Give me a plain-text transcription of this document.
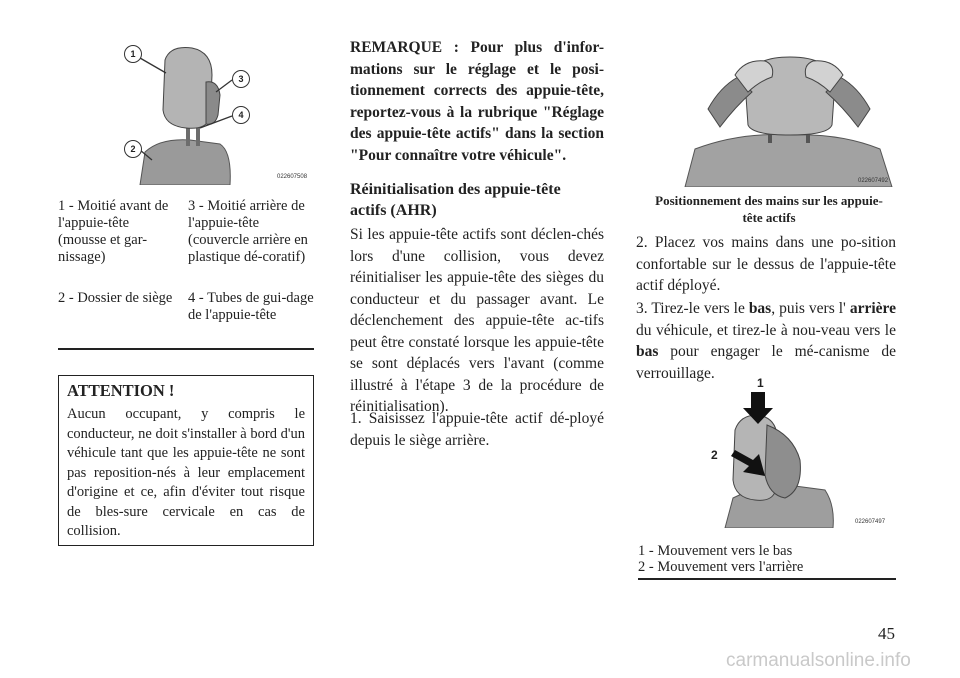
1
3
4
2
022607508
1 - Moitié avant de l'appuie-tête (mousse et gar-nissage)
3 - Moitié arrière de l'appuie-tête (couvercle arrière en plastique dé-coratif)
2 - Dossier de siège	4 - Tubes de gui-dage de l'appuie-tête
ATTENTION !
Aucun occupant, y compris le conducteur, ne doit s'installer à bord d'un véhicule tant que les appuie-tête ne sont pas reposition-nés à leur emplacement d'origine et ce, afin d'éviter tout risque de bles-sure cervicale en cas de collision.
REMARQUE : Pour plus d'infor-mations sur le réglage et le posi-tionnement corrects des appuie-tête, reportez-vous à la rubrique "Réglage des appuie-tête actifs" dans la section "Pour connaître votre véhicule".
Réinitialisation des appuie-tête actifs (AHR)
Si les appuie-tête actifs sont déclen-chés lors d'une collision, vous devez réinitialiser les appuie-tête des sièges du conducteur et du passager avant. Le déclenchement des appuie-tête ac-tifs peut être constaté lorsque les appuie-tête se sont déplacés vers l'avant (comme illustré à l'étape 3 de la procédure de réinitialisation).
1. Saisissez l'appuie-tête actif dé-ployé depuis le siège arrière.
022607492
Positionnement des mains sur les appuie-tête actifs
2. Placez vos mains dans une po-sition confortable sur le dessus de l'appuie-tête actif déployé.
3. Tirez-le vers le bas, puis vers l' arrière du véhicule, et tirez-le à nou-veau vers le bas pour engager le mé-canisme de verrouillage.
1
2
022607497
1 - Mouvement vers le bas
2 - Mouvement vers l'arrière
45
carmanualsonline.info
